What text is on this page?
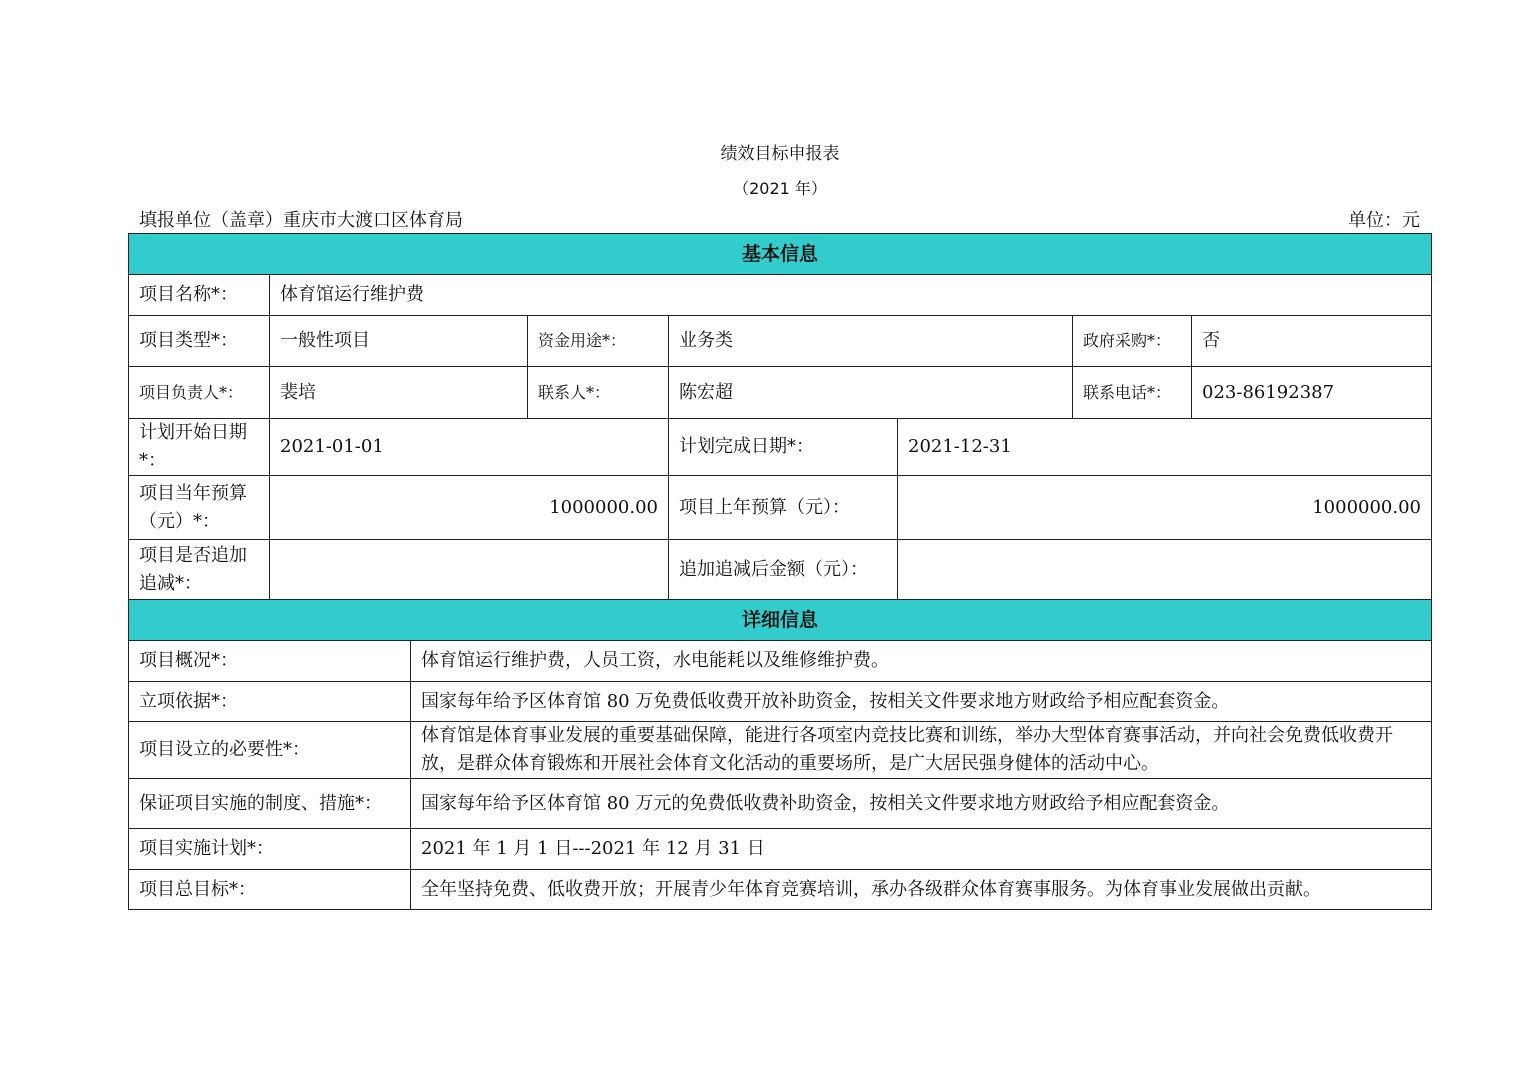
绩效目标申报表
（2021 年）
填报单位（盖章）重庆市大渡口区体育局	单位：元
基本信息							
项目名称*：	体育馆运行维护费						
项目类型*：	一般性项目		资金用途*：	业务类		政府采购*：	否
项目负责人*：	裴培		联系人*：	陈宏超		联系电话*：	023-86192387
计划开始日期*：	2021-01-01			计划完成日期*：	2021-12-31		
项目当年预算（元）*：	1000000.00			项目上年预算（元）：	1000000.00		
项目是否追加追减*：				追加追减后金额（元）：			
详细信息							
项目概况*：		体育馆运行维护费，人员工资，水电能耗以及维修维护费。					
立项依据*：		国家每年给予区体育馆 80 万免费低收费开放补助资金，按相关文件要求地方财政给予相应配套资金。					
项目设立的必要性*：		体育馆是体育事业发展的重要基础保障，能进行各项室内竞技比赛和训练，举办大型体育赛事活动，并向社会免费低收费开放，是群众体育锻炼和开展社会体育文化活动的重要场所，是广大居民强身健体的活动中心。					
保证项目实施的制度、措施*：		国家每年给予区体育馆 80 万元的免费低收费补助资金，按相关文件要求地方财政给予相应配套资金。					
项目实施计划*：		2021 年 1 月 1 日---2021 年 12 月 31 日					
项目总目标*：		全年坚持免费、低收费开放；开展青少年体育竞赛培训，承办各级群众体育赛事服务。为体育事业发展做出贡献。					
